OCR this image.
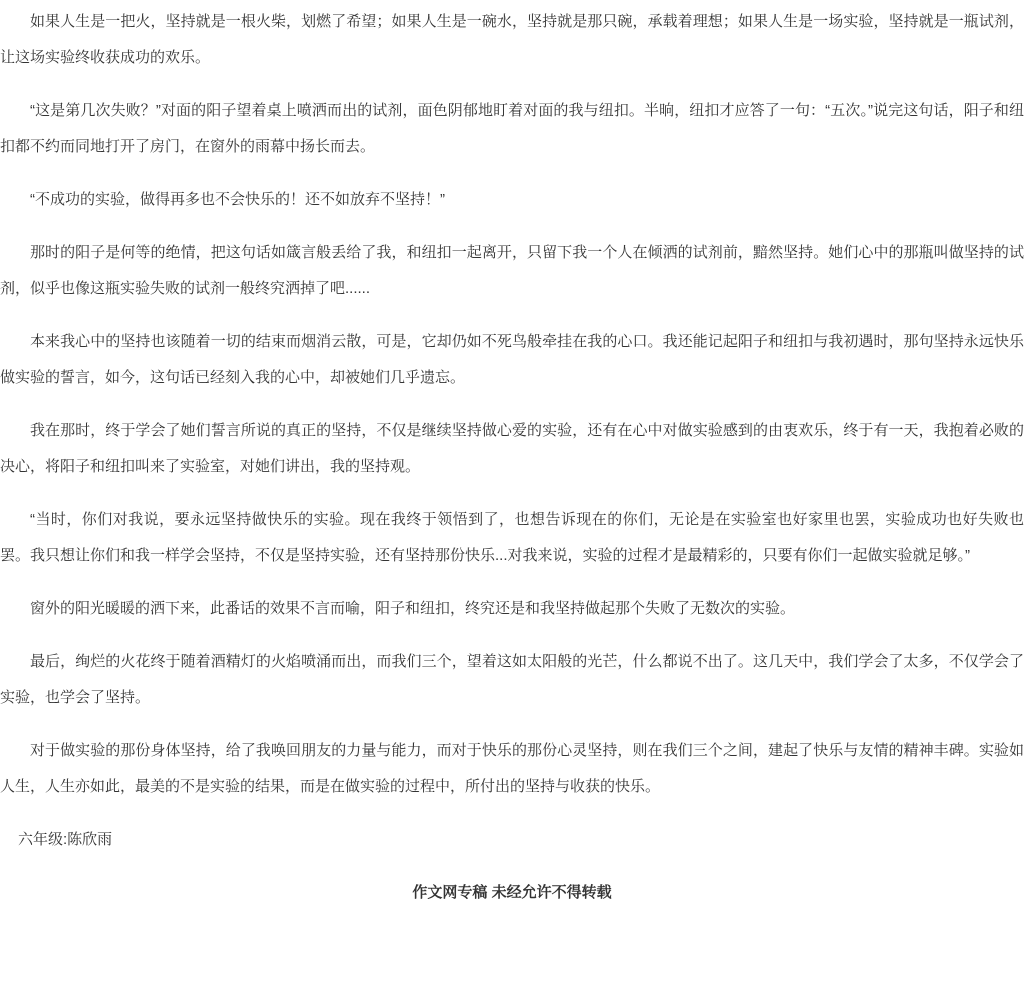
如果人生是一把火，坚持就是一根火柴，划燃了希望；如果人生是一碗水，坚持就是那只碗，承载着理想；如果人生是一场实验，坚持就是一瓶试剂，让这场实验终收获成功的欢乐。

“这是第几次失败？”对面的阳子望着桌上喷洒而出的试剂，面色阴郁地盯着对面的我与纽扣。半晌，纽扣才应答了一句：“五次。”说完这句话，阳子和纽扣都不约而同地打开了房门，在窗外的雨幕中扬长而去。

“不成功的实验，做得再多也不会快乐的！还不如放弃不坚持！”

那时的阳子是何等的绝情，把这句话如箴言般丢给了我，和纽扣一起离开，只留下我一个人在倾洒的试剂前，黯然坚持。她们心中的那瓶叫做坚持的试剂，似乎也像这瓶实验失败的试剂一般终究洒掉了吧......

本来我心中的坚持也该随着一切的结束而烟消云散，可是，它却仍如不死鸟般牵挂在我的心口。我还能记起阳子和纽扣与我初遇时，那句坚持永远快乐做实验的誓言，如今，这句话已经刻入我的心中，却被她们几乎遗忘。

我在那时，终于学会了她们誓言所说的真正的坚持，不仅是继续坚持做心爱的实验，还有在心中对做实验感到的由衷欢乐，终于有一天，我抱着必败的决心，将阳子和纽扣叫来了实验室，对她们讲出，我的坚持观。

“当时，你们对我说，要永远坚持做快乐的实验。现在我终于领悟到了，也想告诉现在的你们，无论是在实验室也好家里也罢，实验成功也好失败也罢。我只想让你们和我一样学会坚持，不仅是坚持实验，还有坚持那份快乐...对我来说，实验的过程才是最精彩的，只要有你们一起做实验就足够。”

窗外的阳光暖暖的洒下来，此番话的效果不言而喻，阳子和纽扣，终究还是和我坚持做起那个失败了无数次的实验。

最后，绚烂的火花终于随着酒精灯的火焰喷涌而出，而我们三个，望着这如太阳般的光芒，什么都说不出了。这几天中，我们学会了太多，不仅学会了实验，也学会了坚持。

对于做实验的那份身体坚持，给了我唤回朋友的力量与能力，而对于快乐的那份心灵坚持，则在我们三个之间，建起了快乐与友情的精神丰碑。实验如人生，人生亦如此，最美的不是实验的结果，而是在做实验的过程中，所付出的坚持与收获的快乐。

六年级:陈欣雨

作文网专稿 未经允许不得转载
